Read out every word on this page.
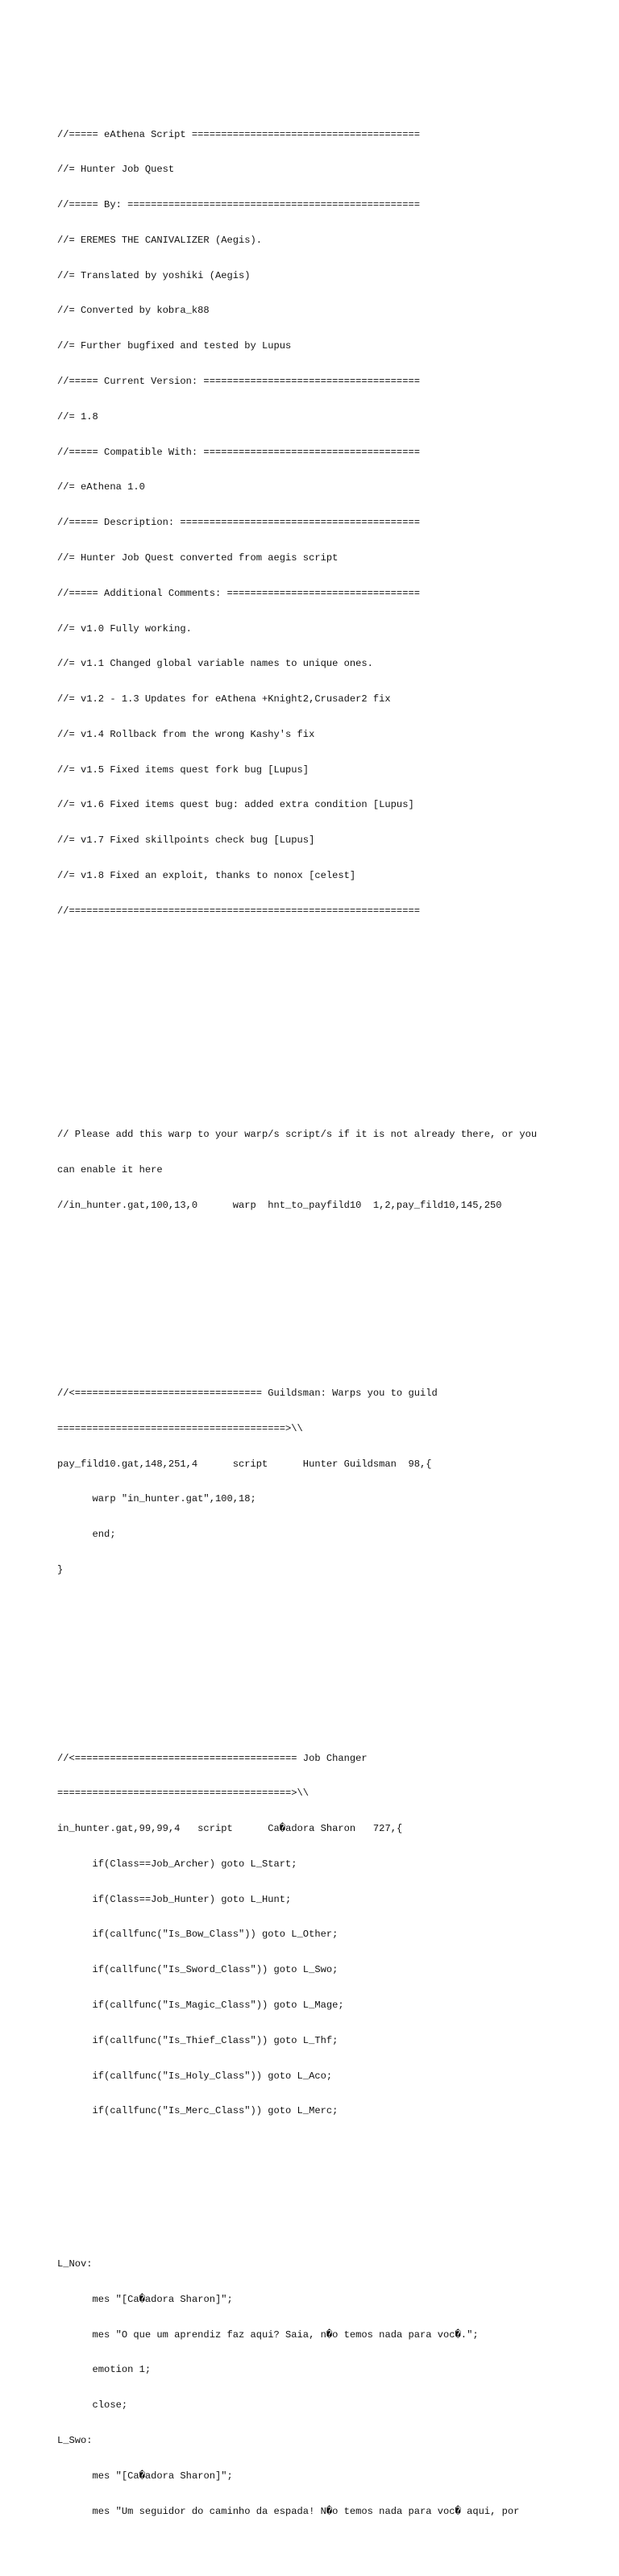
//===== eAthena Script =======================================

//= Hunter Job Quest

//===== By: ==================================================

//= EREMES THE CANIVALIZER (Aegis).

//= Translated by yoshiki (Aegis)

//= Converted by kobra_k88

//= Further bugfixed and tested by Lupus

//===== Current Version: =====================================

//= 1.8

//===== Compatible With: =====================================

//= eAthena 1.0

//===== Description: =========================================

//= Hunter Job Quest converted from aegis script

//===== Additional Comments: =================================

//= v1.0 Fully working.

//= v1.1 Changed global variable names to unique ones.

//= v1.2 - 1.3 Updates for eAthena +Knight2,Crusader2 fix

//= v1.4 Rollback from the wrong Kashy's fix

//= v1.5 Fixed items quest fork bug [Lupus]

//= v1.6 Fixed items quest bug: added extra condition [Lupus]

//= v1.7 Fixed skillpoints check bug [Lupus]

//= v1.8 Fixed an exploit, thanks to nonox [celest]

//============================================================

// Please add this warp to your warp/s script/s if it is not already there, or you

can enable it here

//in_hunter.gat,100,13,0      warp  hnt_to_payfild10  1,2,pay_fild10,145,250

//<================================ Guildsman: Warps you to guild

=======================================>\\

pay_fild10.gat,148,251,4      script      Hunter Guildsman  98,{

warp "in_hunter.gat",100,18;

end;

}

//<====================================== Job Changer

========================================>\\

in_hunter.gat,99,99,4   script      Ca�adora Sharon   727,{

if(Class==Job_Archer) goto L_Start;

if(Class==Job_Hunter) goto L_Hunt;

if(callfunc("Is_Bow_Class")) goto L_Other;

if(callfunc("Is_Sword_Class")) goto L_Swo;

if(callfunc("Is_Magic_Class")) goto L_Mage;

if(callfunc("Is_Thief_Class")) goto L_Thf;

if(callfunc("Is_Holy_Class")) goto L_Aco;

if(callfunc("Is_Merc_Class")) goto L_Merc;

L_Nov:

mes "[Ca�adora Sharon]";

mes "O que um aprendiz faz aqui? Saia, n�o temos nada para voc�.";

emotion 1;

close;

L_Swo:

mes "[Ca�adora Sharon]";

mes "Um seguidor do caminho da espada! N�o temos nada para voc� aqui, por
